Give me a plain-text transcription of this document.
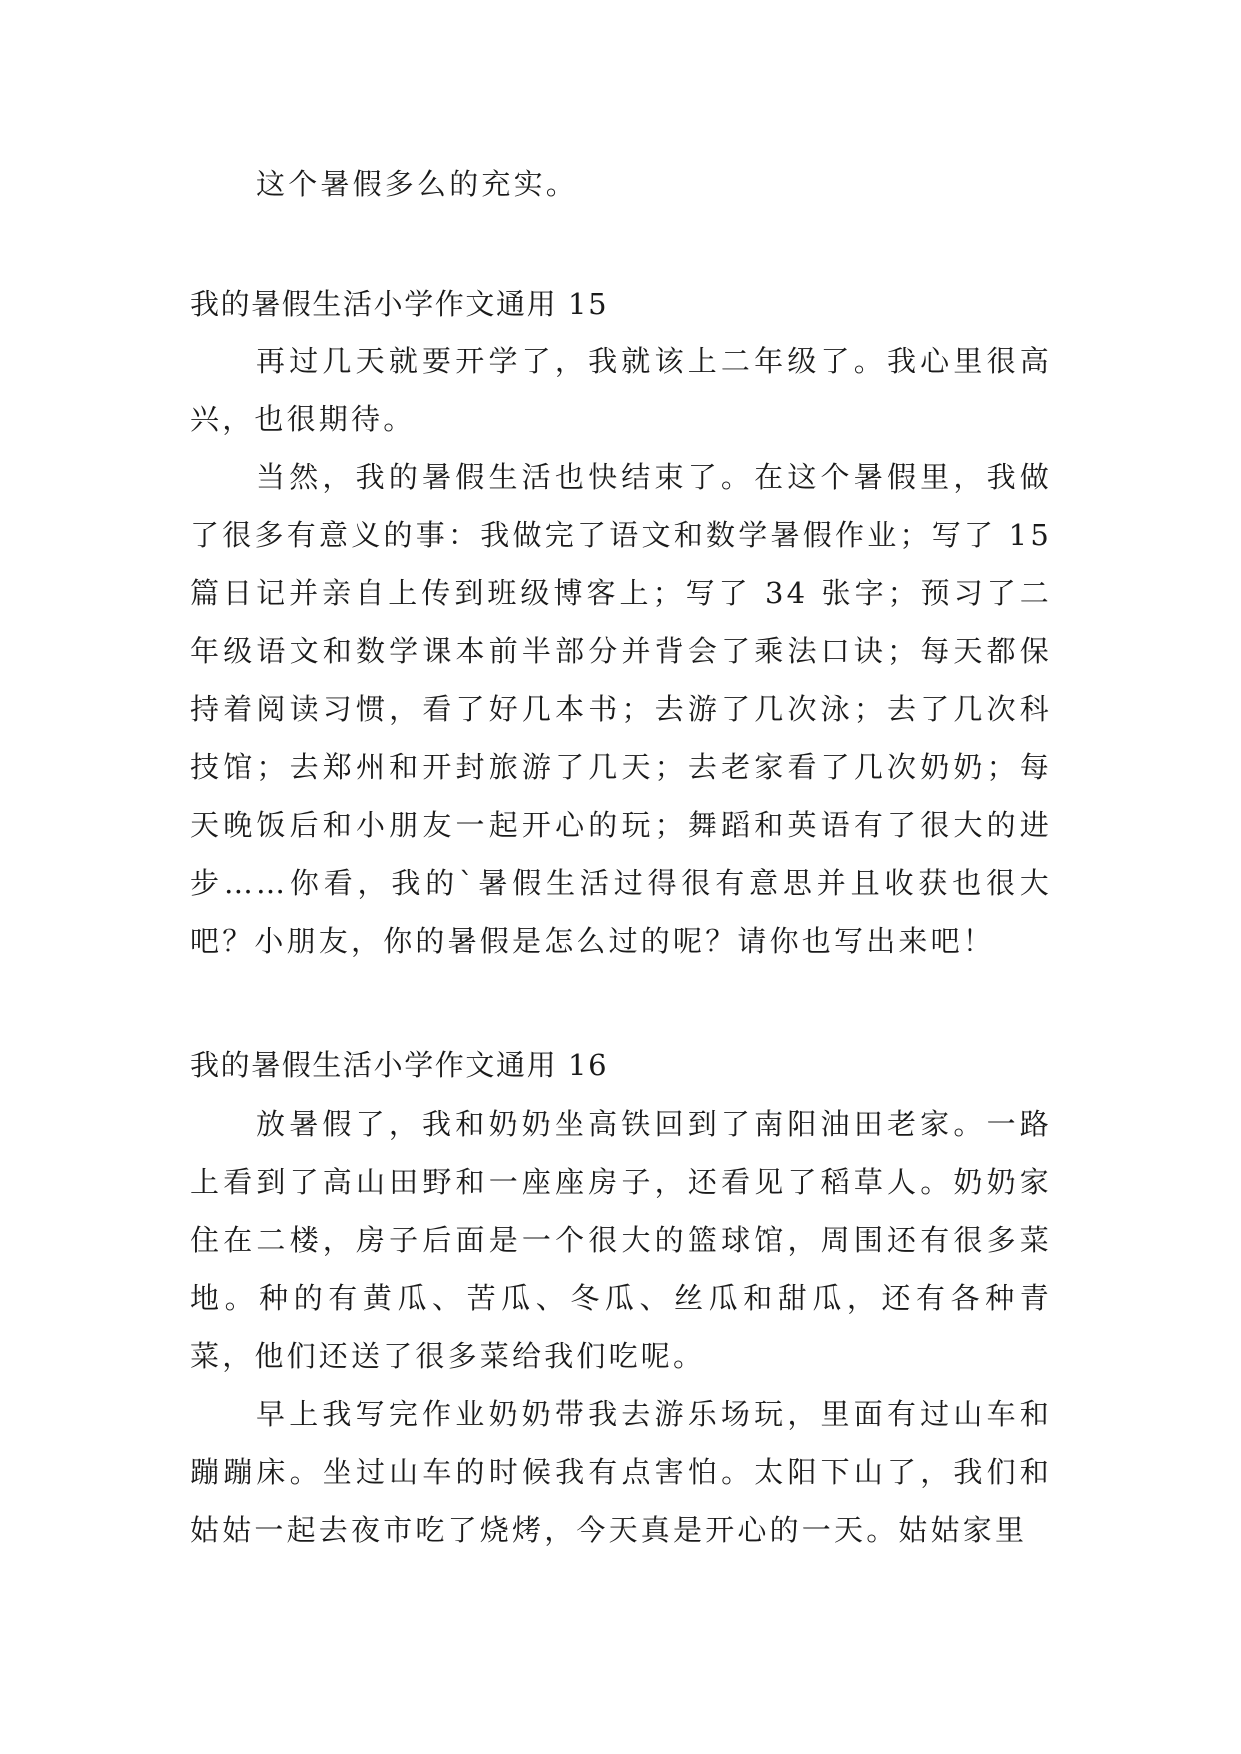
这个暑假多么的充实。

我的暑假生活小学作文通用 15

再过几天就要开学了，我就该上二年级了。我心里很高兴，也很期待。

当然，我的暑假生活也快结束了。在这个暑假里，我做了很多有意义的事：我做完了语文和数学暑假作业；写了 15 篇日记并亲自上传到班级博客上；写了 34 张字；预习了二年级语文和数学课本前半部分并背会了乘法口诀；每天都保持着阅读习惯，看了好几本书；去游了几次泳；去了几次科技馆；去郑州和开封旅游了几天；去老家看了几次奶奶；每天晚饭后和小朋友一起开心的玩；舞蹈和英语有了很大的进步……你看，我的`暑假生活过得很有意思并且收获也很大吧？小朋友，你的暑假是怎么过的呢？请你也写出来吧！

我的暑假生活小学作文通用 16

放暑假了，我和奶奶坐高铁回到了南阳油田老家。一路上看到了高山田野和一座座房子，还看见了稻草人。奶奶家住在二楼，房子后面是一个很大的篮球馆，周围还有很多菜地。种的有黄瓜、苦瓜、冬瓜、丝瓜和甜瓜，还有各种青菜，他们还送了很多菜给我们吃呢。

早上我写完作业奶奶带我去游乐场玩，里面有过山车和蹦蹦床。坐过山车的时候我有点害怕。太阳下山了，我们和姑姑一起去夜市吃了烧烤，今天真是开心的一天。姑姑家里
